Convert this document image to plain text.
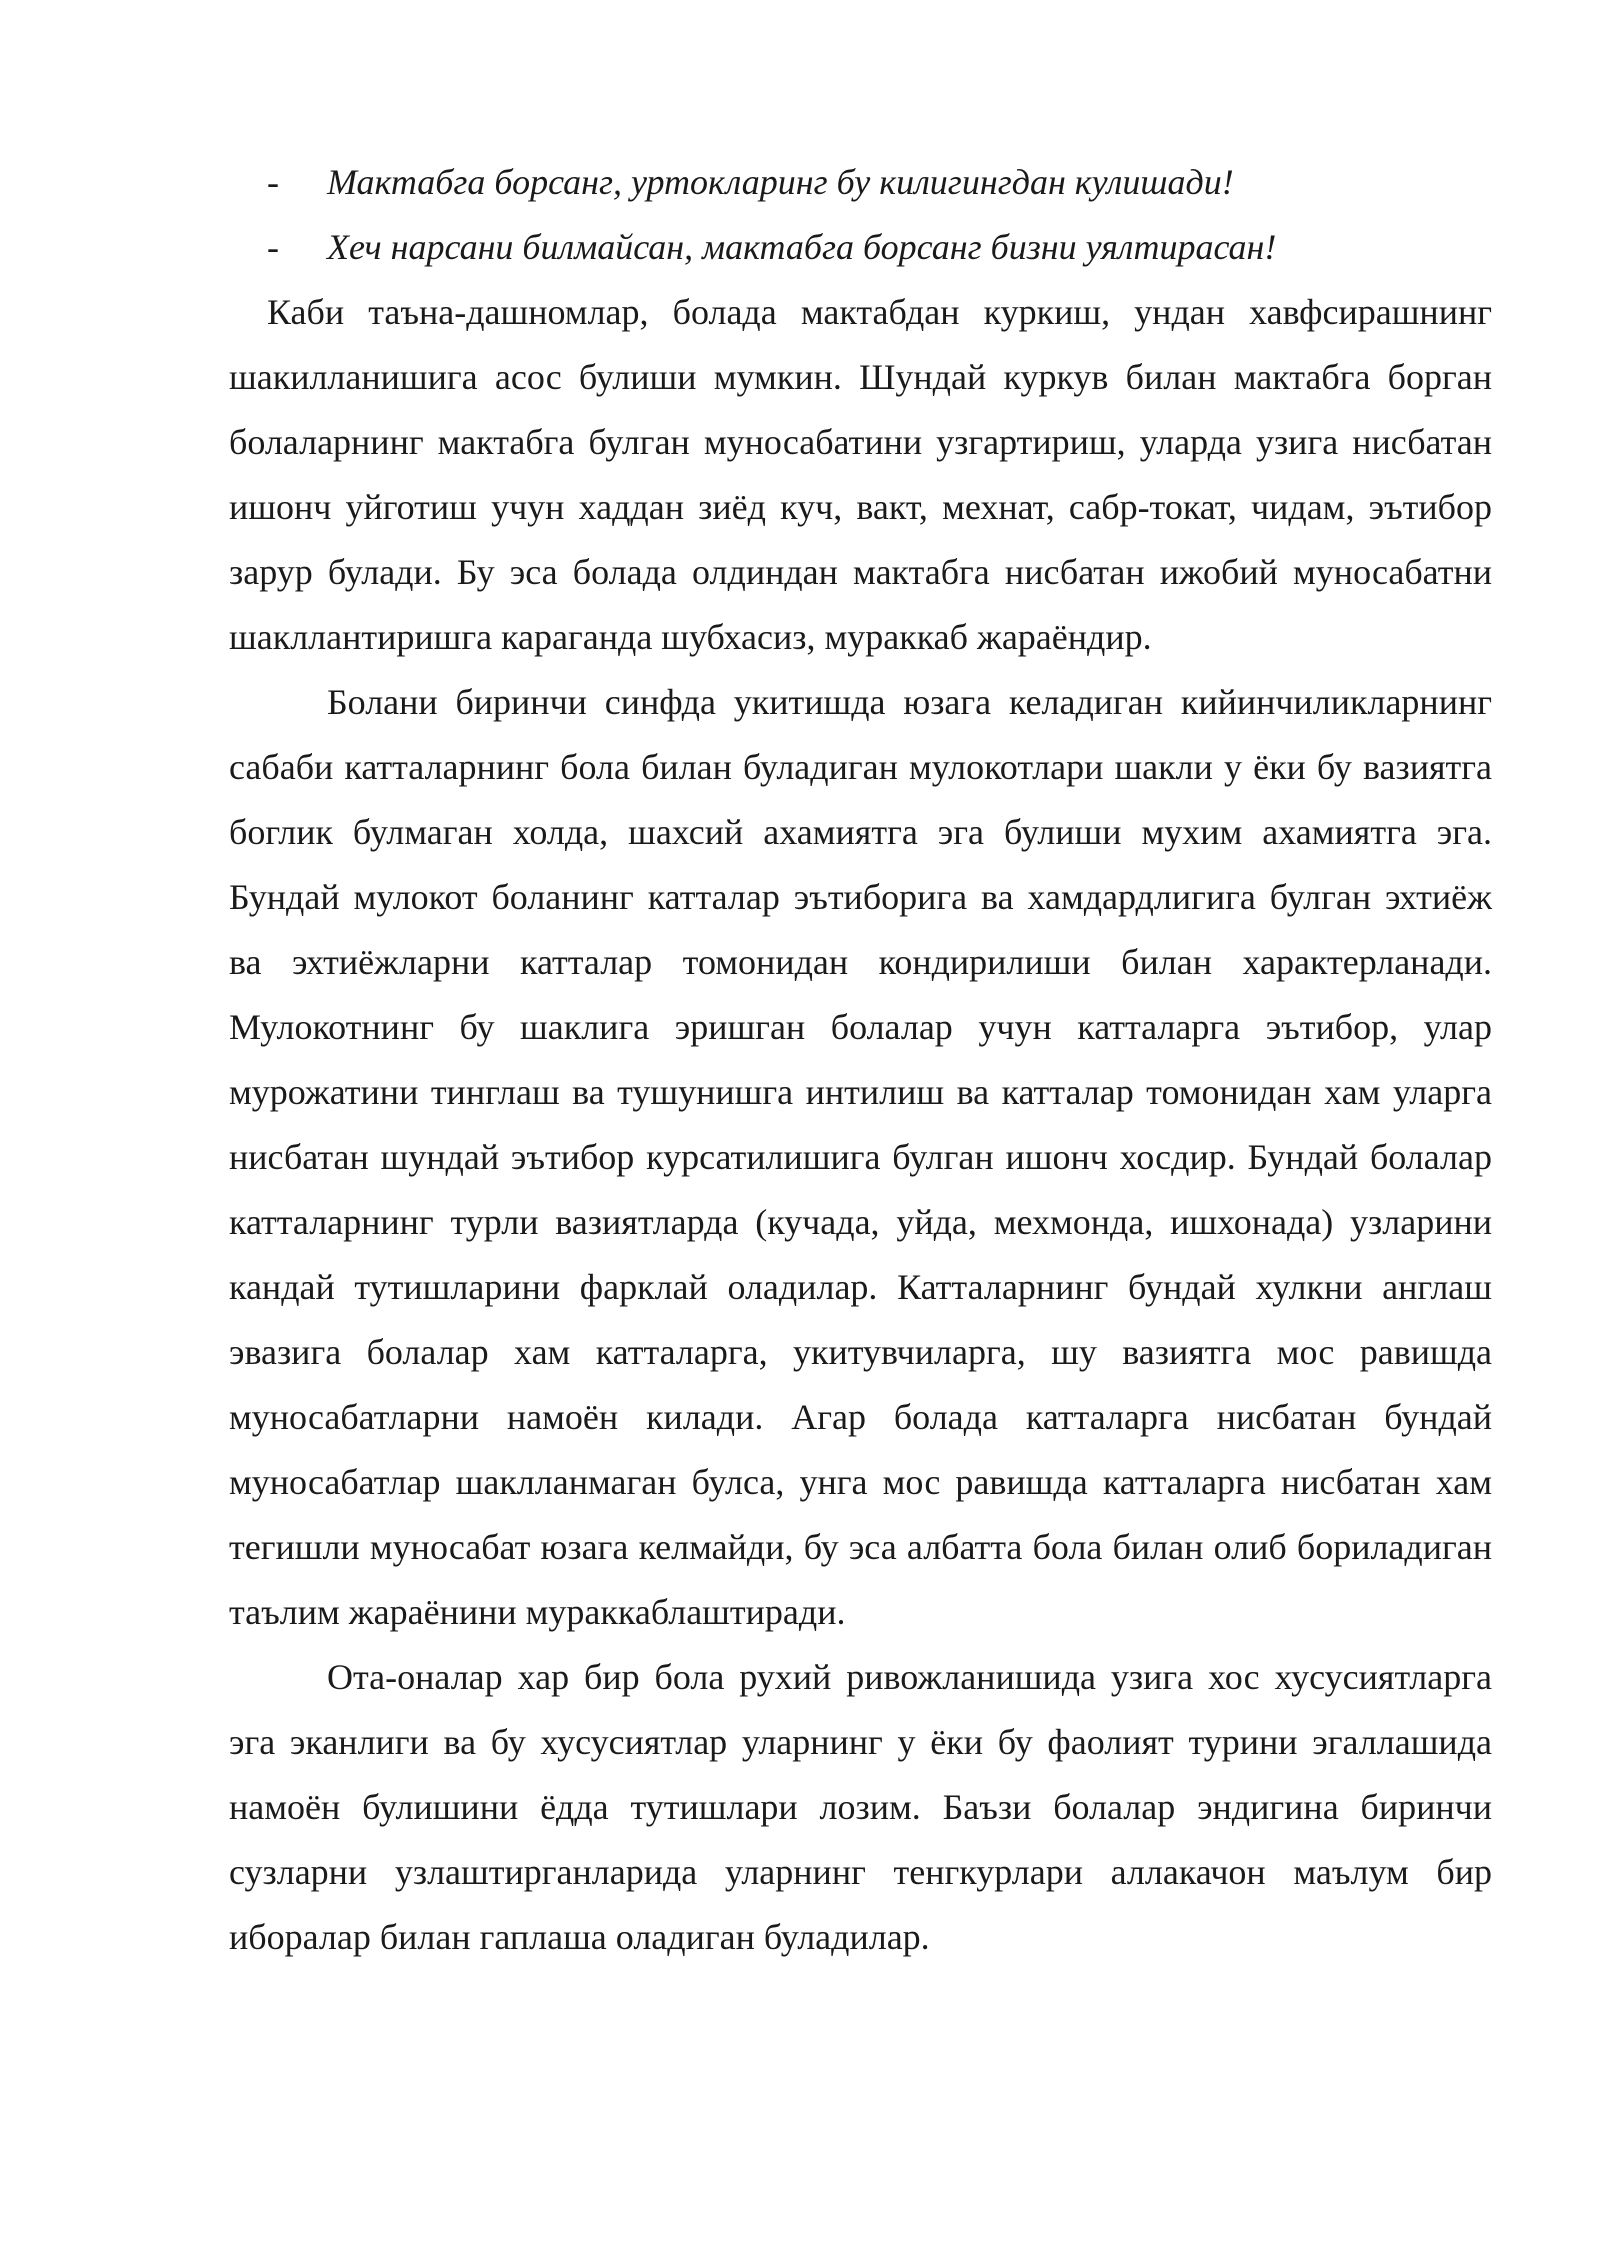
-	Мактабга борсанг, уртокларинг бу килигингдан кулишади!
-	Хеч нарсани билмайсан, мактабга борсанг бизни уялтирасан!

Каби таъна-дашномлар, болада мактабдан куркиш, ундан хавфсирашнинг шакилланишига асос булиши мумкин. Шундай куркув билан мактабга борган болаларнинг мактабга булган муносабатини узгартириш, уларда узига нисбатан ишонч уйготиш учун хаддан зиёд куч, вакт, мехнат, сабр-токат, чидам, эътибор зарур булади. Бу эса болада олдиндан мактабга нисбатан ижобий муносабатни шакллантиришга караганда шубхасиз, мураккаб жараёндир.

Болани биринчи синфда укитишда юзага келадиган кийинчиликларнинг сабаби катталарнинг бола билан буладиган мулокотлари шакли у ёки бу вазиятга боглик булмаган холда, шахсий ахамиятга эга булиши мухим ахамиятга эга. Бундай мулокот боланинг катталар эътиборига ва хамдардлигига булган эхтиёж ва эхтиёжларни катталар томонидан кондирилиши билан характерланади. Мулокотнинг бу шаклига эришган болалар учун катталарга эътибор, улар мурожатини тинглаш ва тушунишга интилиш ва катталар томонидан хам уларга нисбатан шундай эътибор курсатилишига булган ишонч хосдир. Бундай болалар катталарнинг турли вазиятларда (кучада, уйда, мехмонда, ишхонада) узларини кандай тутишларини фарклай оладилар. Катталарнинг бундай хулкни англаш эвазига болалар хам катталарга, укитувчиларга, шу вазиятга мос равишда муносабатларни намоён килади. Агар болада катталарга нисбатан бундай муносабатлар шаклланмаган булса, унга мос равишда катталарга нисбатан хам тегишли муносабат юзага келмайди, бу эса албатта бола билан олиб бориладиган таълим жараёнини мураккаблаштиради.

Ота-оналар хар бир бола рухий ривожланишида узига хос хусусиятларга эга эканлиги ва бу хусусиятлар уларнинг у ёки бу фаолият турини эгаллашида намоён булишини ёдда тутишлари лозим. Баъзи болалар эндигина биринчи сузларни узлаштирганларида уларнинг тенгкурлари аллакачон маълум бир иборалар билан гаплаша оладиган буладилар.
